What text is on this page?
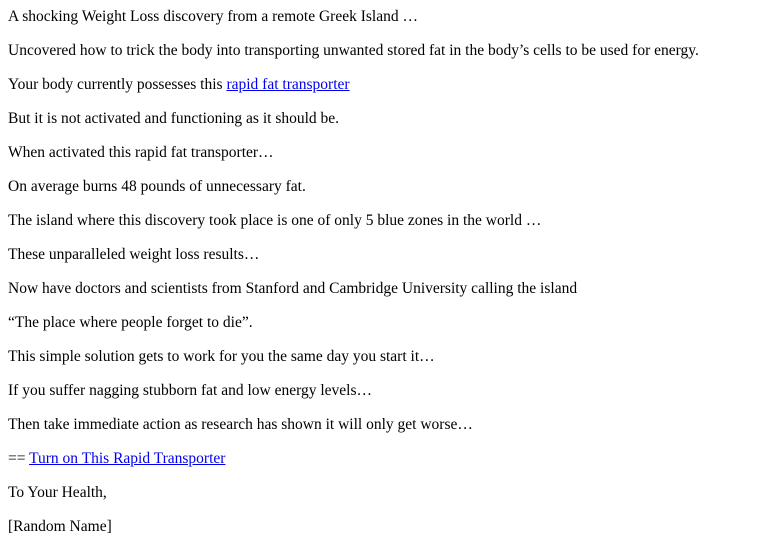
A shocking Weight Loss discovery from a remote Greek Island …

Uncovered how to trick the body into transporting unwanted stored fat in the body’s cells to be used for energy.

Your body currently possesses this rapid fat transporter

But it is not activated and functioning as it should be.

When activated this rapid fat transporter…

On average burns 48 pounds of unnecessary fat.

The island where this discovery took place is one of only 5 blue zones in the world …

These unparalleled weight loss results…

Now have doctors and scientists from Stanford and Cambridge University calling the island

“The place where people forget to die”.

This simple solution gets to work for you the same day you start it…

If you suffer nagging stubborn fat and low energy levels…

Then take immediate action as research has shown it will only get worse…

== Turn on This Rapid Transporter

To Your Health,

[Random Name]
